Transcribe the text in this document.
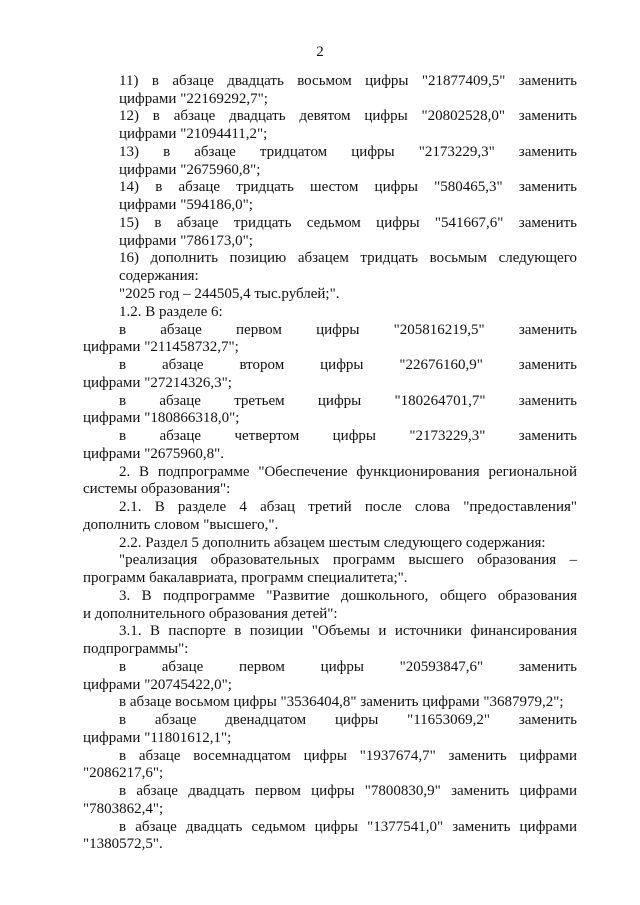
2

11) в абзаце двадцать восьмом цифры "21877409,5" заменить
цифрами "22169292,7";

12) в абзаце двадцать девятом цифры "20802528,0" заменить
цифрами "21094411,2";

13) в абзаце тридцатом цифры "2173229,3" заменить
цифрами "2675960,8";

14) в абзаце тридцать шестом цифры "580465,3" заменить
цифрами "594186,0";

15) в абзаце тридцать седьмом цифры "541667,6" заменить
цифрами "786173,0";

16) дополнить позицию абзацем тридцать восьмым следующего
содержания:

"2025 год – 244505,4 тыс.рублей;".

1.2. В разделе 6:

в абзаце первом цифры "205816219,5" заменить
цифрами "211458732,7";

в абзаце втором цифры "22676160,9" заменить
цифрами "27214326,3";

в абзаце третьем цифры "180264701,7" заменить
цифрами "180866318,0";

в абзаце четвертом цифры "2173229,3" заменить
цифрами "2675960,8".

2. В подпрограмме "Обеспечение функционирования региональной
системы образования":

2.1. В разделе 4 абзац третий после слова "предоставления"
дополнить словом "высшего,".

2.2. Раздел 5 дополнить абзацем шестым следующего содержания:

"реализация образовательных программ высшего образования –
программ бакалавриата, программ специалитета;".

3. В подпрограмме "Развитие дошкольного, общего образования
и дополнительного образования детей":

3.1. В паспорте в позиции "Объемы и источники финансирования
подпрограммы":

в абзаце первом цифры "20593847,6" заменить
цифрами "20745422,0";

в абзаце восьмом цифры "3536404,8" заменить цифрами "3687979,2";

в абзаце двенадцатом цифры "11653069,2" заменить
цифрами "11801612,1";

в абзаце восемнадцатом цифры "1937674,7" заменить цифрами
"2086217,6";

в абзаце двадцать первом цифры "7800830,9" заменить цифрами
"7803862,4";

в абзаце двадцать седьмом цифры "1377541,0" заменить цифрами
"1380572,5".
